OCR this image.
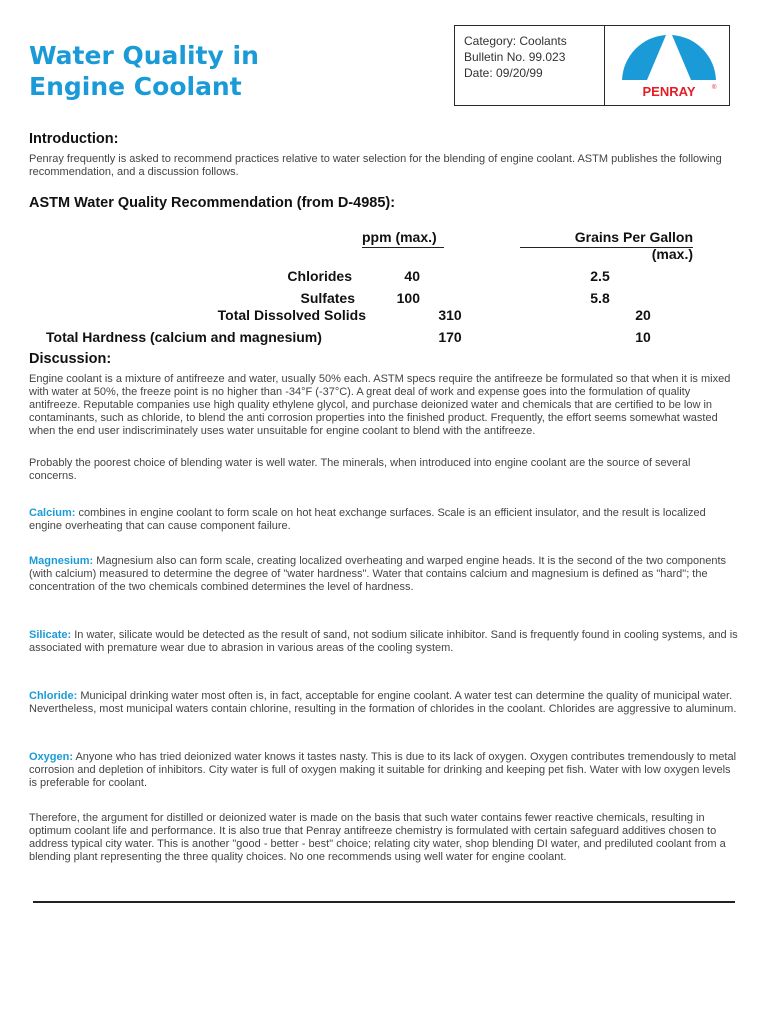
Water Quality in
Engine Coolant
Category: Coolants
Bulletin No. 99.023
Date: 09/20/99
PENRAY	®
Introduction:

Penray frequently is asked to recommend practices relative to water selection for the blending of engine coolant. ASTM publishes the following recommendation, and a discussion follows.

ASTM Water Quality Recommendation (from D-4985):
ppm (max.)	Grains Per Gallon
(max.)
Chlorides	40	2.5
Sulfates	100	5.8
Total Dissolved Solids	310	20
Total Hardness (calcium and magnesium)	170	10
Discussion:

Engine coolant is a mixture of antifreeze and water, usually 50% each. ASTM specs require the antifreeze be formulated so that when it is mixed with water at 50%, the freeze point is no higher than -34°F (-37°C). A great deal of work and expense goes into the formulation of quality antifreeze. Reputable companies use high quality ethylene glycol, and purchase deionized water and chemicals that are certified to be low in contaminants, such as chloride, to blend the anti corrosion properties into the finished product. Frequently, the effort seems somewhat wasted when the end user indiscriminately uses water unsuitable for engine coolant to blend with the antifreeze.

Probably the poorest choice of blending water is well water. The minerals, when introduced into engine coolant are the source of several concerns.

Calcium: combines in engine coolant to form scale on hot heat exchange surfaces. Scale is an efficient insulator, and the result is localized engine overheating that can cause component failure.

Magnesium: Magnesium also can form scale, creating localized overheating and warped engine heads. It is the second of the two components (with calcium) measured to determine the degree of "water hardness". Water that contains calcium and magnesium is defined as "hard"; the concentration of the two chemicals combined determines the level of hardness.

Silicate: In water, silicate would be detected as the result of sand, not sodium silicate inhibitor. Sand is frequently found in cooling systems, and is associated with premature wear due to abrasion in various areas of the cooling system.

Chloride: Municipal drinking water most often is, in fact, acceptable for engine coolant. A water test can determine the quality of municipal water. Nevertheless, most municipal waters contain chlorine, resulting in the formation of chlorides in the coolant. Chlorides are aggressive to aluminum.

Oxygen: Anyone who has tried deionized water knows it tastes nasty. This is due to its lack of oxygen. Oxygen contributes tremendously to metal corrosion and depletion of inhibitors. City water is full of oxygen making it suitable for drinking and keeping pet fish. Water with low oxygen levels is preferable for coolant.

Therefore, the argument for distilled or deionized water is made on the basis that such water contains fewer reactive chemicals, resulting in optimum coolant life and performance. It is also true that Penray antifreeze chemistry is formulated with certain safeguard additives chosen to address typical city water. This is another "good - better - best" choice; relating city water, shop blending DI water, and prediluted coolant from a blending plant representing the three quality choices. No one recommends using well water for engine coolant.
